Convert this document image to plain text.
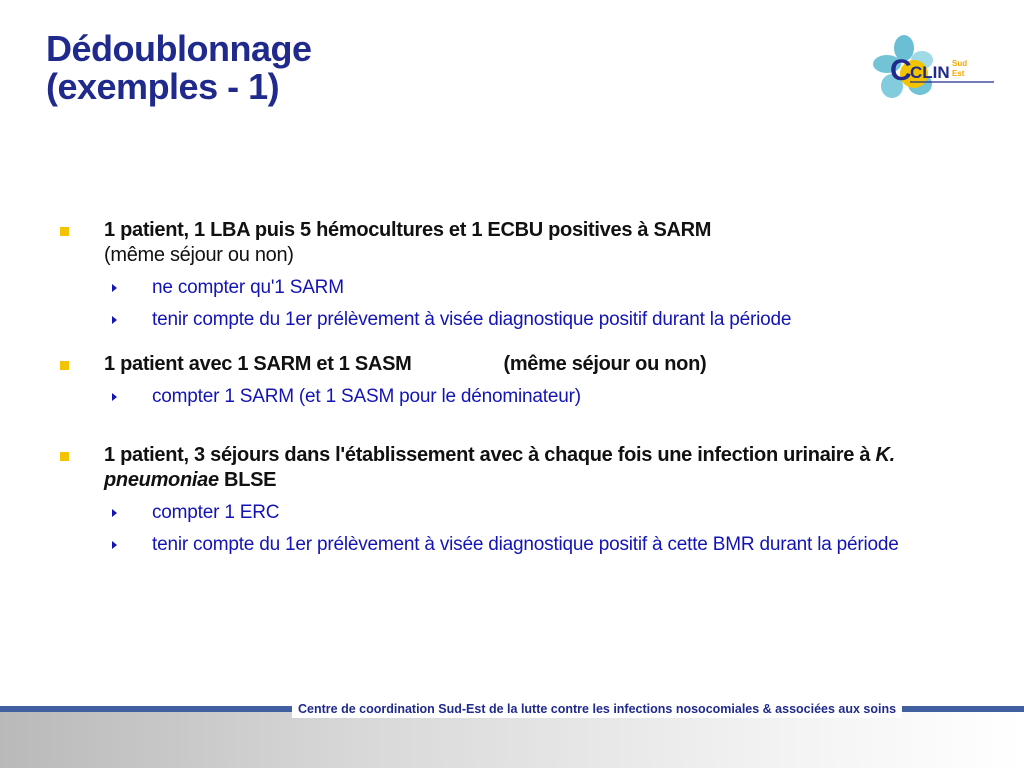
Dédoublonnage
(exemples - 1)	C
CLIN Sud
Est
1 patient, 1 LBA puis 5 hémocultures et 1 ECBU positives à SARM
(même séjour ou non)
ne compter qu'1 SARM
tenir compte du 1er prélèvement à visée diagnostique positif durant la période
1 patient avec 1 SARM et 1 SASM	(même séjour ou non)
compter 1 SARM (et 1 SASM pour le dénominateur)
1 patient, 3 séjours dans l'établissement avec à chaque fois une infection urinaire à K. pneumoniae BLSE
compter 1 ERC
tenir compte du 1er prélèvement à visée diagnostique positif à cette BMR durant la période
Centre de coordination Sud-Est de la lutte contre les infections nosocomiales & associées aux soins
